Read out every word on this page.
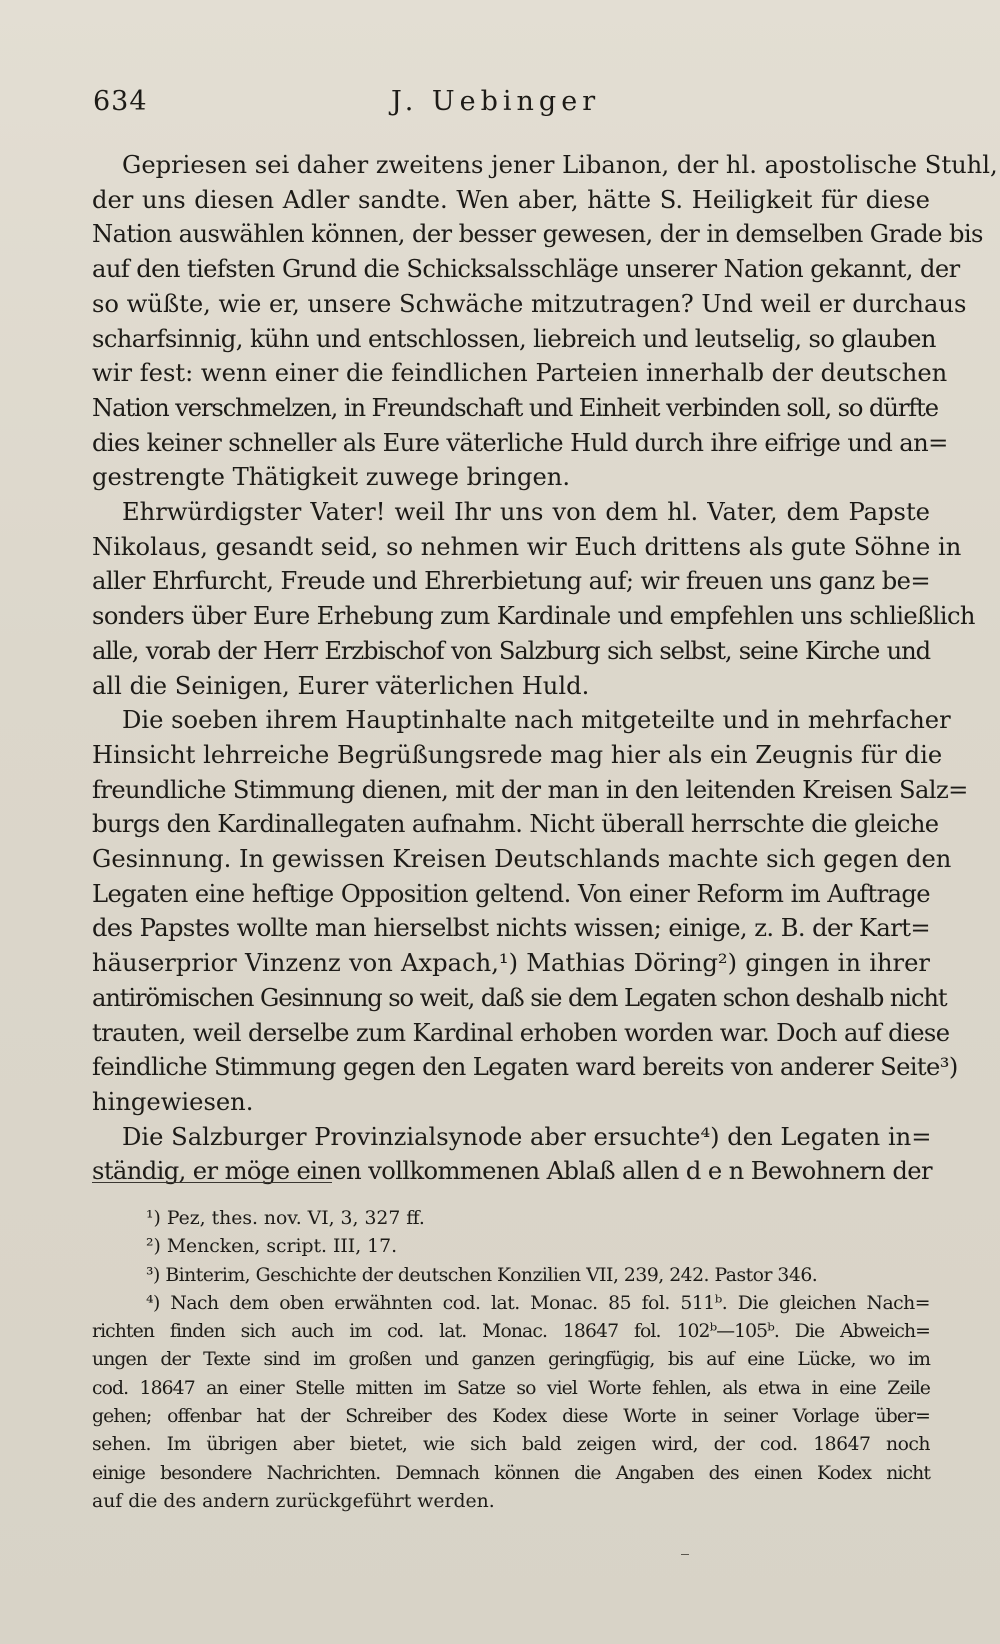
634	J. Uebinger
Gepriesen sei daher zweitens jener Libanon, der hl. apostolische Stuhl,
der uns diesen Adler sandte. Wen aber, hätte S. Heiligkeit für diese
Nation auswählen können, der besser gewesen, der in demselben Grade bis
auf den tiefsten Grund die Schicksalsschläge unserer Nation gekannt, der
so wüßte, wie er, unsere Schwäche mitzutragen? Und weil er durchaus
scharfsinnig, kühn und entschlossen, liebreich und leutselig, so glauben
wir fest: wenn einer die feindlichen Parteien innerhalb der deutschen
Nation verschmelzen, in Freundschaft und Einheit verbinden soll, so dürfte
dies keiner schneller als Eure väterliche Huld durch ihre eifrige und an=
gestrengte Thätigkeit zuwege bringen.
Ehrwürdigster Vater! weil Ihr uns von dem hl. Vater, dem Papste
Nikolaus, gesandt seid, so nehmen wir Euch drittens als gute Söhne in
aller Ehrfurcht, Freude und Ehrerbietung auf; wir freuen uns ganz be=
sonders über Eure Erhebung zum Kardinale und empfehlen uns schließlich
alle, vorab der Herr Erzbischof von Salzburg sich selbst, seine Kirche und
all die Seinigen, Eurer väterlichen Huld.
Die soeben ihrem Hauptinhalte nach mitgeteilte und in mehrfacher
Hinsicht lehrreiche Begrüßungsrede mag hier als ein Zeugnis für die
freundliche Stimmung dienen, mit der man in den leitenden Kreisen Salz=
burgs den Kardinallegaten aufnahm. Nicht überall herrschte die gleiche
Gesinnung. In gewissen Kreisen Deutschlands machte sich gegen den
Legaten eine heftige Opposition geltend. Von einer Reform im Auftrage
des Papstes wollte man hierselbst nichts wissen; einige, z. B. der Kart=
häuserprior Vinzenz von Axpach,¹) Mathias Döring²) gingen in ihrer
antirömischen Gesinnung so weit, daß sie dem Legaten schon deshalb nicht
trauten, weil derselbe zum Kardinal erhoben worden war. Doch auf diese
feindliche Stimmung gegen den Legaten ward bereits von anderer Seite³)
hingewiesen.
Die Salzburger Provinzialsynode aber ersuchte⁴) den Legaten in=
ständig, er möge einen vollkommenen Ablaß allen d e n Bewohnern der
¹) Pez, thes. nov. VI, 3, 327 ff.
²) Mencken, script. III, 17.
³) Binterim, Geschichte der deutschen Konzilien VII, 239, 242. Pastor 346.
⁴) Nach dem oben erwähnten cod. lat. Monac. 85 fol. 511ᵇ. Die gleichen Nach=
richten finden sich auch im cod. lat. Monac. 18647 fol. 102ᵇ—105ᵇ. Die Abweich=
ungen der Texte sind im großen und ganzen geringfügig, bis auf eine Lücke, wo im
cod. 18647 an einer Stelle mitten im Satze so viel Worte fehlen, als etwa in eine Zeile
gehen; offenbar hat der Schreiber des Kodex diese Worte in seiner Vorlage über=
sehen. Im übrigen aber bietet, wie sich bald zeigen wird, der cod. 18647 noch
einige besondere Nachrichten. Demnach können die Angaben des einen Kodex nicht
auf die des andern zurückgeführt werden.
